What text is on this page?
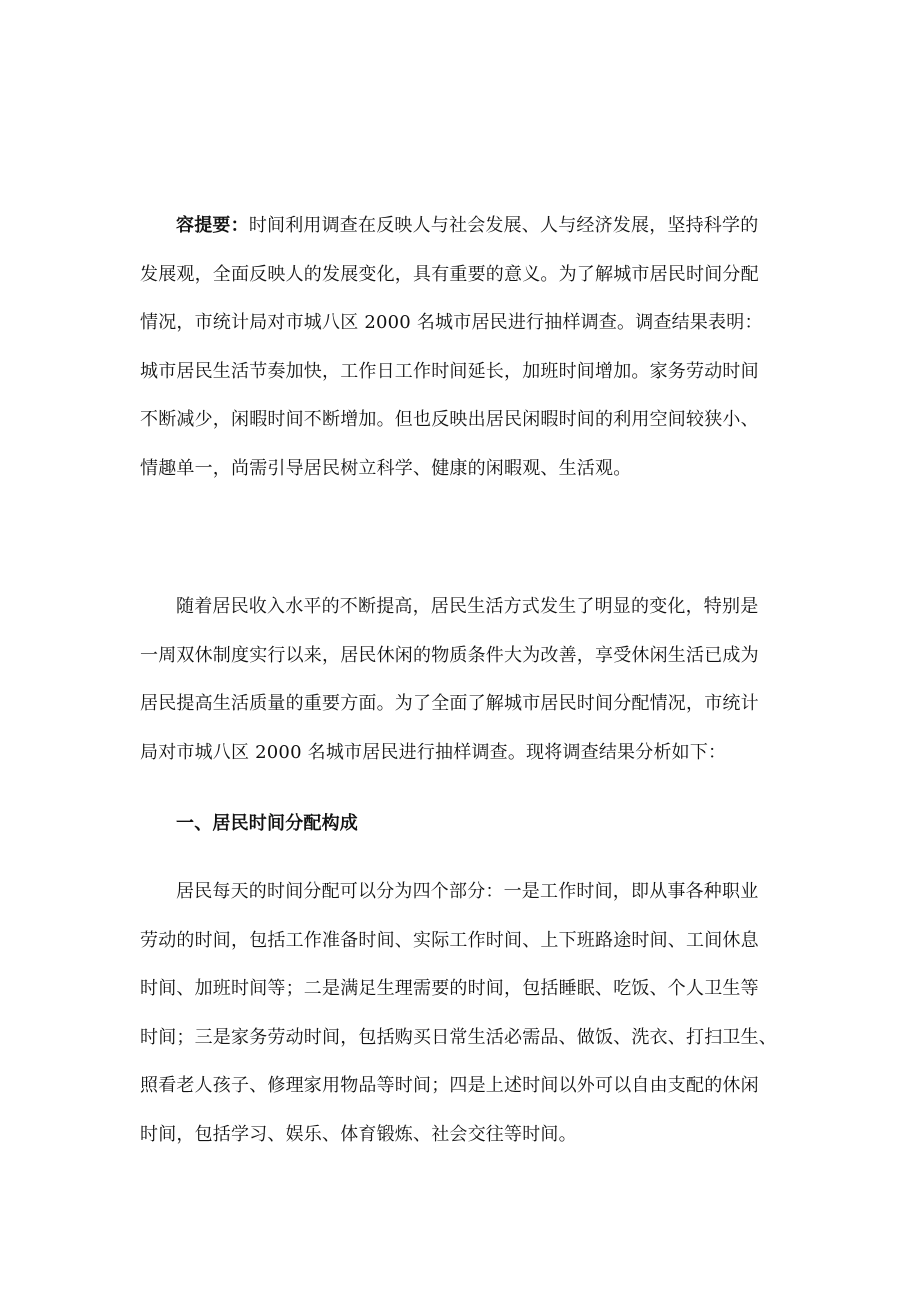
容提要：时间利用调查在反映人与社会发展、人与经济发展，坚持科学的
发展观，全面反映人的发展变化，具有重要的意义。为了解城市居民时间分配
情况，市统计局对市城八区 2000 名城市居民进行抽样调查。调查结果表明：
城市居民生活节奏加快，工作日工作时间延长，加班时间增加。家务劳动时间
不断减少，闲暇时间不断增加。但也反映出居民闲暇时间的利用空间较狭小、
情趣单一，尚需引导居民树立科学、健康的闲暇观、生活观。
随着居民收入水平的不断提高，居民生活方式发生了明显的变化，特别是
一周双休制度实行以来，居民休闲的物质条件大为改善，享受休闲生活已成为
居民提高生活质量的重要方面。为了全面了解城市居民时间分配情况，市统计
局对市城八区 2000 名城市居民进行抽样调查。现将调查结果分析如下：
一、居民时间分配构成
居民每天的时间分配可以分为四个部分：一是工作时间，即从事各种职业
劳动的时间，包括工作准备时间、实际工作时间、上下班路途时间、工间休息
时间、加班时间等；二是满足生理需要的时间，包括睡眠、吃饭、个人卫生等
时间；三是家务劳动时间，包括购买日常生活必需品、做饭、洗衣、打扫卫生、
照看老人孩子、修理家用物品等时间；四是上述时间以外可以自由支配的休闲
时间，包括学习、娱乐、体育锻炼、社会交往等时间。
